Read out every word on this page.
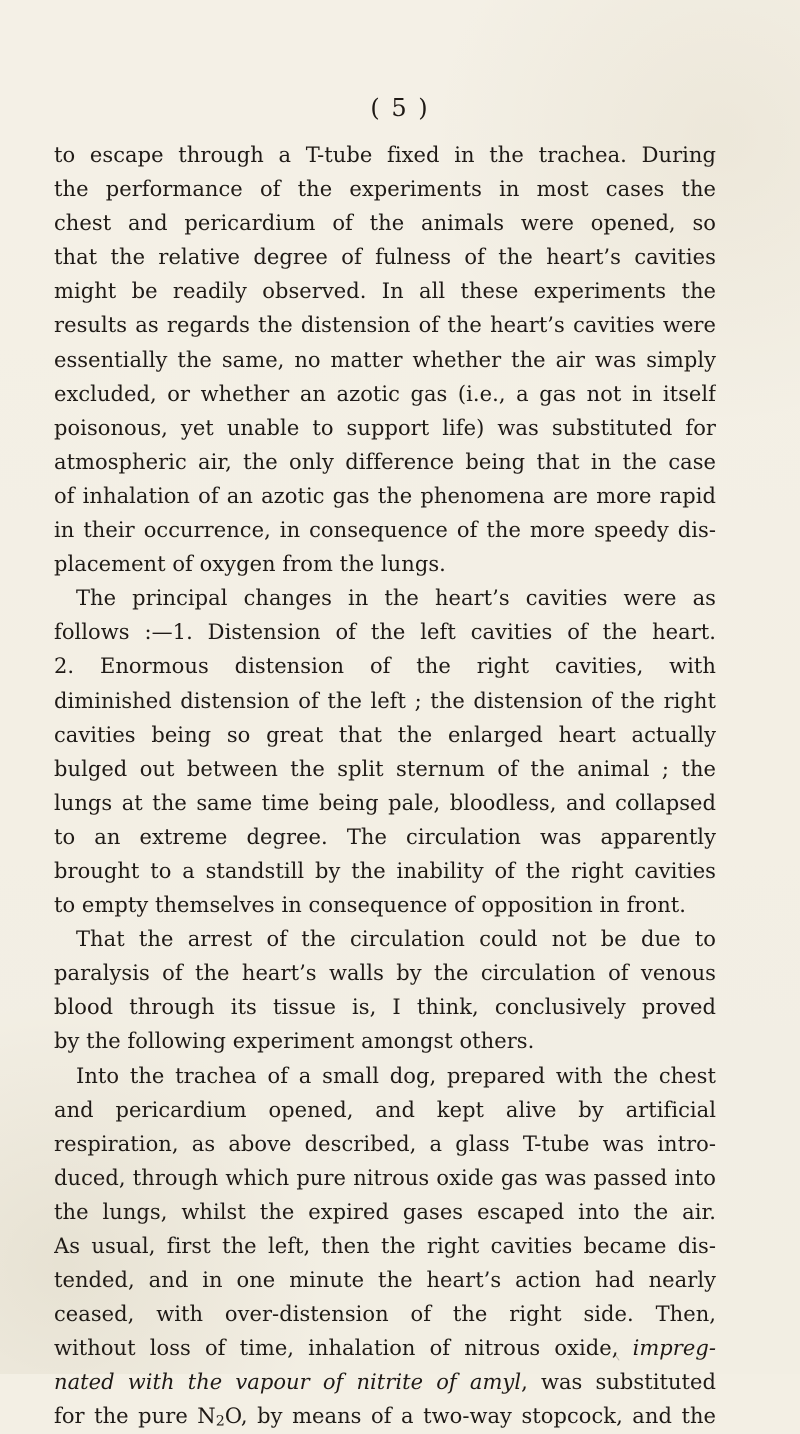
( 5 )
to escape through a T-tube fixed in the trachea. During
the performance of the experiments in most cases the
chest and pericardium of the animals were opened, so
that the relative degree of fulness of the heart’s cavities
might be readily observed. In all these experiments the
results as regards the distension of the heart’s cavities were
essentially the same, no matter whether the air was simply
excluded, or whether an azotic gas (i.e., a gas not in itself
poisonous, yet unable to support life) was substituted for
atmospheric air, the only difference being that in the case
of inhalation of an azotic gas the phenomena are more rapid
in their occurrence, in consequence of the more speedy dis-
placement of oxygen from the lungs.
The principal changes in the heart’s cavities were as
follows :—1. Distension of the left cavities of the heart.
2. Enormous distension of the right cavities, with
diminished distension of the left ; the distension of the right
cavities being so great that the enlarged heart actually
bulged out between the split sternum of the animal ; the
lungs at the same time being pale, bloodless, and collapsed
to an extreme degree. The circulation was apparently
brought to a standstill by the inability of the right cavities
to empty themselves in consequence of opposition in front.
That the arrest of the circulation could not be due to
paralysis of the heart’s walls by the circulation of venous
blood through its tissue is, I think, conclusively proved
by the following experiment amongst others.
Into the trachea of a small dog, prepared with the chest
and pericardium opened, and kept alive by artificial
respiration, as above described, a glass T-tube was intro-
duced, through which pure nitrous oxide gas was passed into
the lungs, whilst the expired gases escaped into the air.
As usual, first the left, then the right cavities became dis-
tended, and in one minute the heart’s action had nearly
ceased, with over-distension of the right side. Then,
without loss of time, inhalation of nitrous oxide, impreg-
nated with the vapour of nitrite of amyl, was substituted
for the pure $N_2O$, by means of a two-way stopcock, and the
